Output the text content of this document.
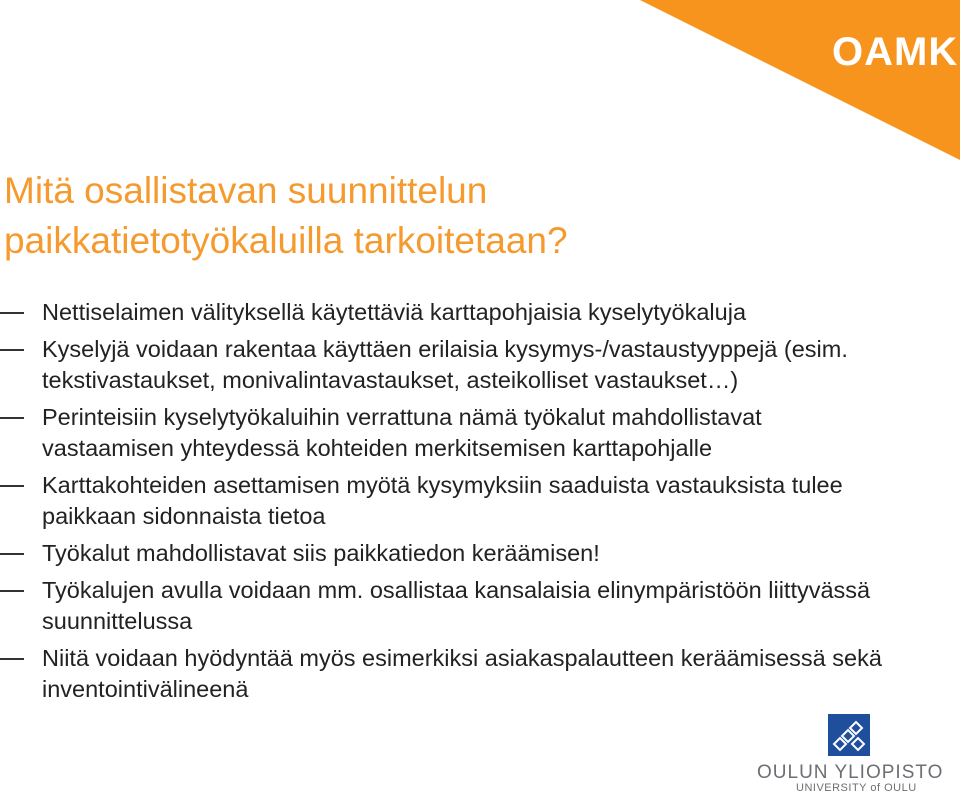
OAMK
Mitä osallistavan suunnittelun
paikkatietotyökaluilla tarkoitetaan?
Nettiselaimen välityksellä käytettäviä karttapohjaisia kyselytyökaluja
Kyselyjä voidaan rakentaa käyttäen erilaisia kysymys-/vastaustyyppejä (esim. tekstivastaukset, monivalintavastaukset, asteikolliset vastaukset…)
Perinteisiin kyselytyökaluihin verrattuna nämä työkalut mahdollistavat vastaamisen yhteydessä kohteiden merkitsemisen karttapohjalle
Karttakohteiden asettamisen myötä kysymyksiin saaduista vastauksista tulee paikkaan sidonnaista tietoa
Työkalut mahdollistavat siis paikkatiedon keräämisen!
Työkalujen avulla voidaan mm. osallistaa kansalaisia elinympäristöön liittyvässä suunnittelussa
Niitä voidaan hyödyntää myös esimerkiksi asiakaspalautteen keräämisessä sekä inventointivälineenä
OULUN YLIOPISTO
UNIVERSITY of OULU
